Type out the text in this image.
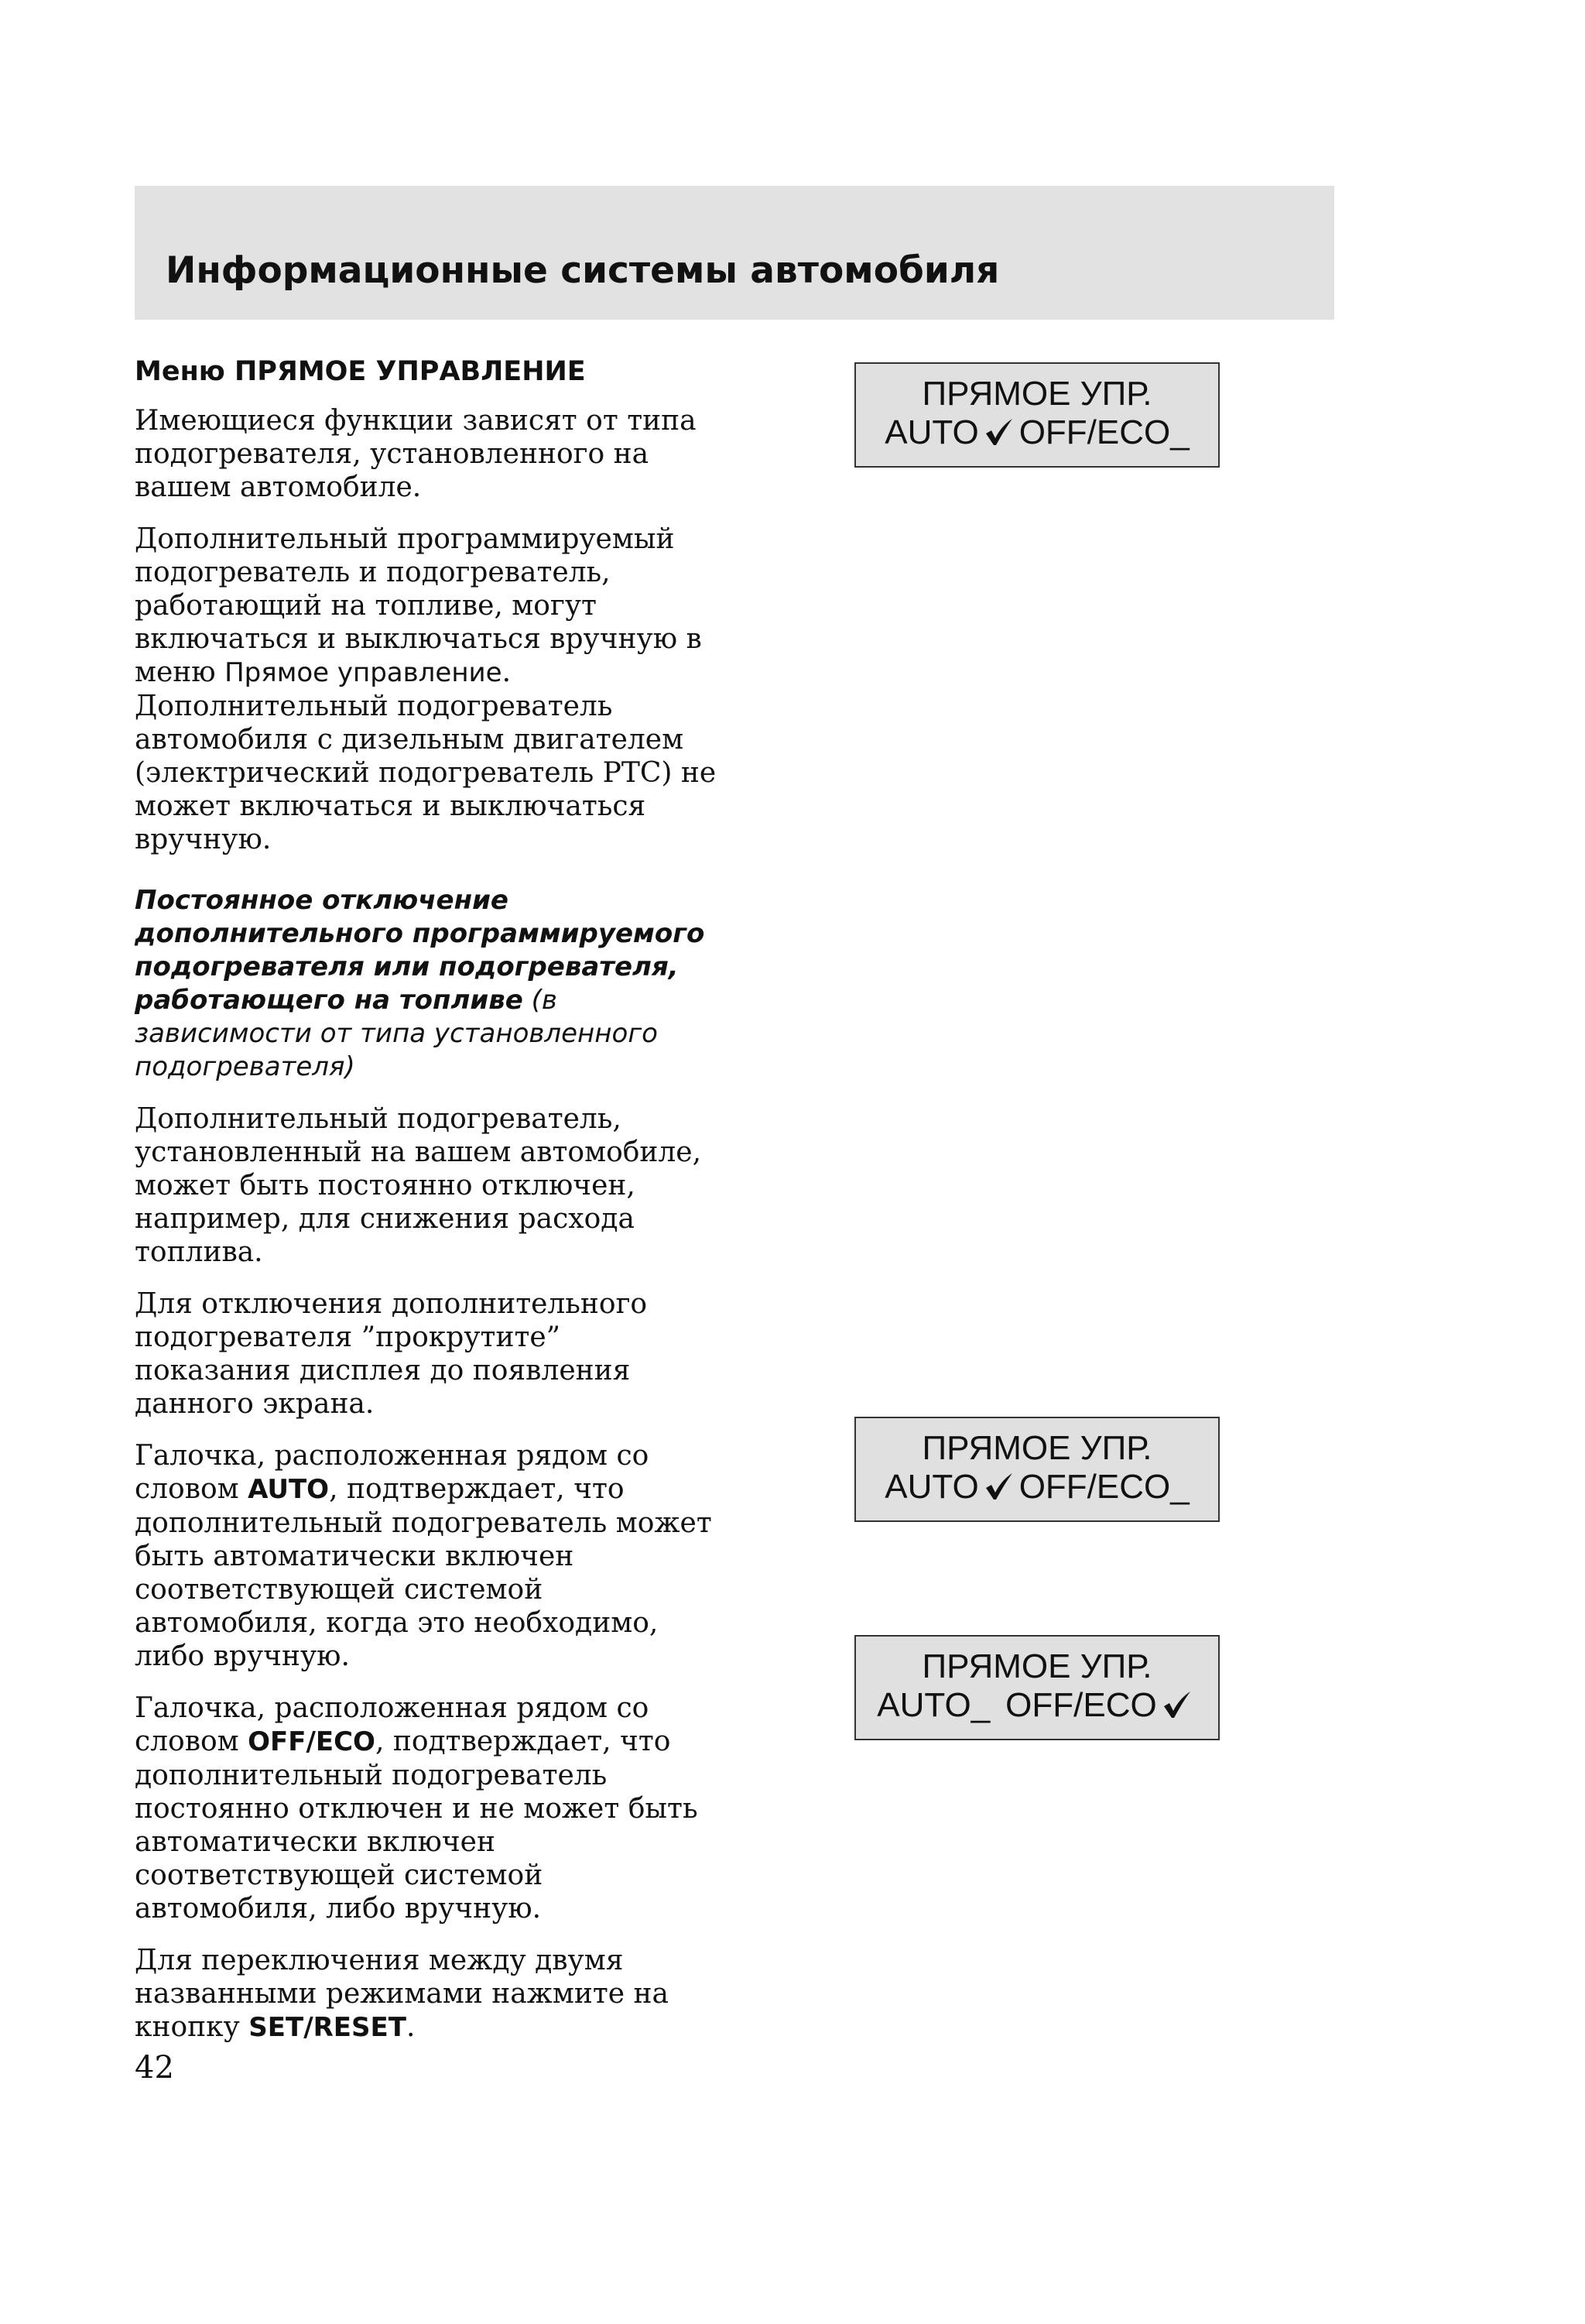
Информационные системы автомобиля
Меню ПРЯМОЕ УПРАВЛЕНИЕ

Имеющиеся функции зависят от типа подогревателя, установленного на вашем автомобиле.

Дополнительный программируемый подогреватель и подогреватель, работающий на топливе, могут включаться и выключаться вручную в меню Прямое управление. Дополнительный подогреватель автомобиля с дизельным двигателем (электрический подогреватель PTC) не может включаться и выключаться вручную.

Постоянное отключение дополнительного программируемого подогревателя или подогревателя, работающего на топливе (в зависимости от типа установленного подогревателя)

Дополнительный подогреватель, установленный на вашем автомобиле, может быть постоянно отключен, например, для снижения расхода топлива.

Для отключения дополнительного подогревателя ”прокрутите” показания дисплея до появления данного экрана.

Галочка, расположенная рядом со словом AUTO, подтверждает, что дополнительный подогреватель может быть автоматически включен соответствующей системой автомобиля, когда это необходимо, либо вручную.

Галочка, расположенная рядом со словом OFF/ECO, подтверждает, что дополнительный подогреватель постоянно отключен и не может быть автоматически включен соответствующей системой автомобиля, либо вручную.

Для переключения между двумя названными режимами нажмите на кнопку SET/RESET.

ПРЯМОЕ УПР.
AUTO OFF/ECO_
ПРЯМОЕ УПР.
AUTO OFF/ECO_
ПРЯМОЕ УПР.
AUTO_ OFF/ECO
42
